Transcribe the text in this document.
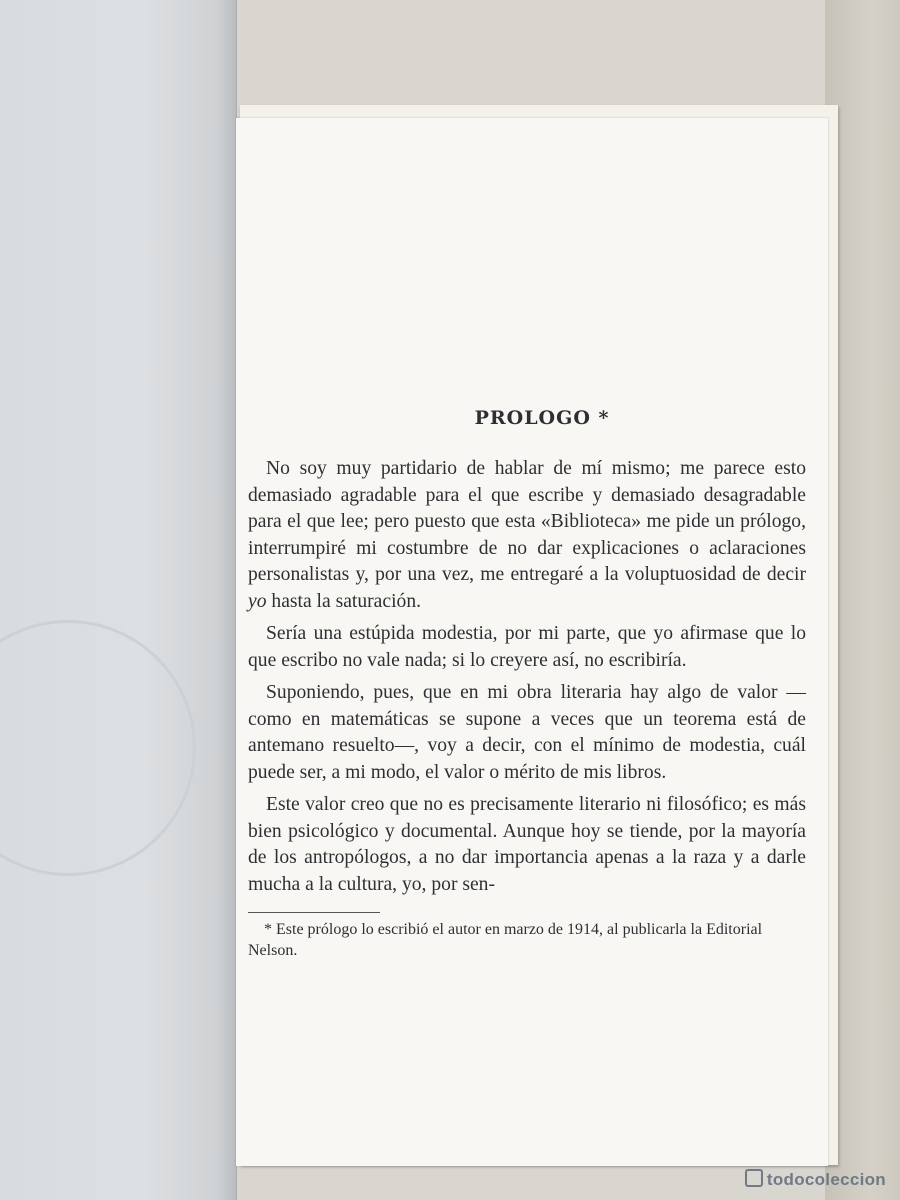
PROLOGO *

No soy muy partidario de hablar de mí mismo; me parece esto demasiado agradable para el que escribe y demasiado desagradable para el que lee; pero puesto que esta «Biblioteca» me pide un prólogo, interrumpiré mi costumbre de no dar explicaciones o aclaraciones personalistas y, por una vez, me entregaré a la voluptuosidad de decir yo hasta la saturación.

Sería una estúpida modestia, por mi parte, que yo afirmase que lo que escribo no vale nada; si lo creyere así, no escribiría.

Suponiendo, pues, que en mi obra literaria hay algo de valor —como en matemáticas se supone a veces que un teorema está de antemano resuelto—, voy a decir, con el mínimo de modestia, cuál puede ser, a mi modo, el valor o mérito de mis libros.

Este valor creo que no es precisamente literario ni filosófico; es más bien psicológico y documental. Aunque hoy se tiende, por la mayoría de los antropólogos, a no dar importancia apenas a la raza y a darle mucha a la cultura, yo, por sen-

* Este prólogo lo escribió el autor en marzo de 1914, al publicarla la Editorial Nelson.

todocoleccion
